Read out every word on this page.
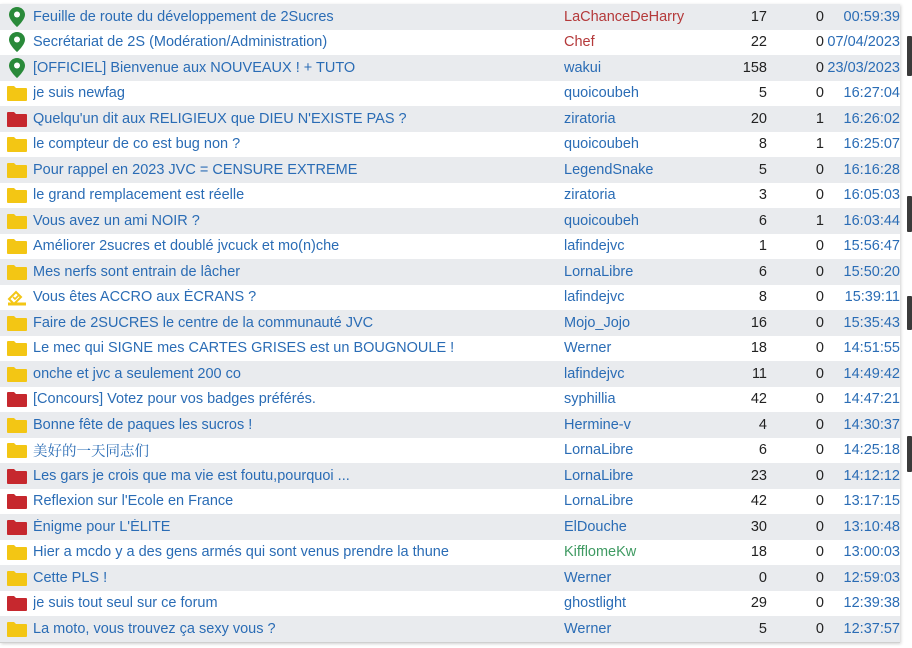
Feuille de route du développement de 2Sucres	LaChanceDeHarry	17	0	00:59:39
Secrétariat de 2S (Modération/Administration)	Chef	22	0 07/04/2023
[OFFICIEL] Bienvenue aux NOUVEAUX ! + TUTO	wakui	158	0 23/03/2023
je suis newfag	quoicoubeh	5	0	16:27:04
Quelqu'un dit aux RELIGIEUX que DIEU N'EXISTE PAS ?	ziratoria	20	1	16:26:02
le compteur de co est bug non ?	quoicoubeh	8	1	16:25:07
Pour rappel en 2023 JVC = CENSURE EXTREME	LegendSnake	5	0	16:16:28
le grand remplacement est réelle	ziratoria	3	0	16:05:03
Vous avez un ami NOIR ?	quoicoubeh	6	1	16:03:44
Améliorer 2sucres et doublé jvcuck et mo(n)che	lafindejvc	1	0	15:56:47
Mes nerfs sont entrain de lâcher	LornaLibre	6	0	15:50:20
Vous êtes ACCRO aux ÉCRANS ?	lafindejvc	8	0	15:39:11
Faire de 2SUCRES le centre de la communauté JVC	Mojo_Jojo	16	0	15:35:43
Le mec qui SIGNE mes CARTES GRISES est un BOUGNOULE !	Werner	18	0	14:51:55
onche et jvc a seulement 200 co	lafindejvc	11	0	14:49:42
[Concours] Votez pour vos badges préférés.	syphillia	42	0	14:47:21
Bonne fête de paques les sucros !	Hermine-v	4	0	14:30:37
美好的一天同志们	LornaLibre	6	0	14:25:18
Les gars je crois que ma vie est foutu,pourquoi ...	LornaLibre	23	0	14:12:12
Reflexion sur l'Ecole en France	LornaLibre	42	0	13:17:15
Énigme pour L'ÉLITE	ElDouche	30	0	13:10:48
Hier a mcdo y a des gens armés qui sont venus prendre la thune	KifflomeKw	18	0	13:00:03
Cette PLS !	Werner	0	0	12:59:03
je suis tout seul sur ce forum	ghostlight	29	0	12:39:38
La moto, vous trouvez ça sexy vous ?	Werner	5	0	12:37:57
